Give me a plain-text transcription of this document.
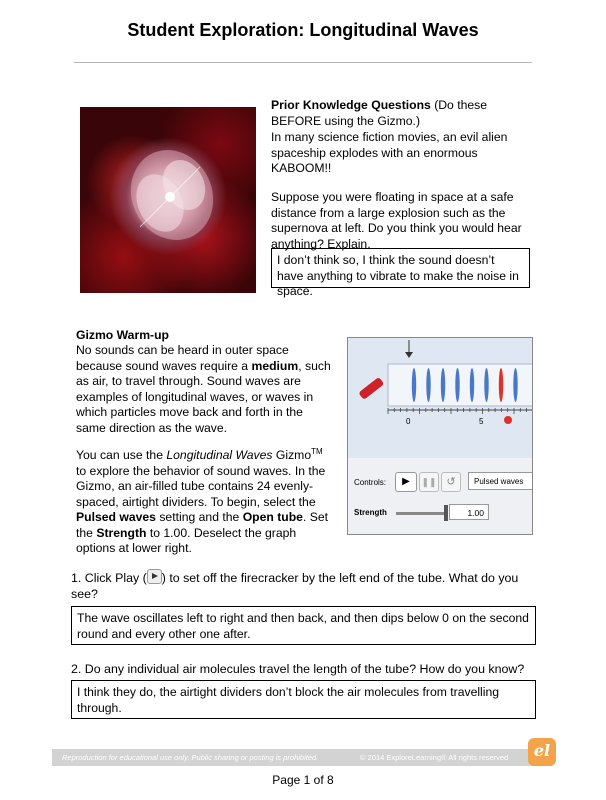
Student Exploration: Longitudinal Waves
Prior Knowledge Questions (Do these BEFORE using the Gizmo.)
In many science fiction movies, an evil alien spaceship explodes with an enormous KABOOM!!
Suppose you were floating in space at a safe distance from a large explosion such as the supernova at left. Do you think you would hear anything? Explain.
I don’t think so, I think the sound doesn’t have anything to vibrate to make the noise in space.
Gizmo Warm-up
No sounds can be heard in outer space because sound waves require a medium, such as air, to travel through. Sound waves are examples of longitudinal waves, or waves in which particles move back and forth in the same direction as the wave.
You can use the Longitudinal Waves Gizmo™ to explore the behavior of sound waves. In the Gizmo, an air-filled tube contains 24 evenly-spaced, airtight dividers. To begin, select the Pulsed waves setting and the Open tube. Set the Strength to 1.00. Deselect the graph options at lower right.
0	5
Controls:	▶	❚❚ ↺	Pulsed waves
Strength	1.00
1. Click Play ( ) to set off the firecracker by the left end of the tube. What do you see?
The wave oscillates left to right and then back, and then dips below 0 on the second round and every other one after.
2. Do any individual air molecules travel the length of the tube? How do you know?
I think they do, the airtight dividers don’t block the air molecules from travelling through.
Reproduction for educational use only. Public sharing or posting is prohibited.	© 2014 ExploreLearning® All rights reserved	el
Page 1 of 8
